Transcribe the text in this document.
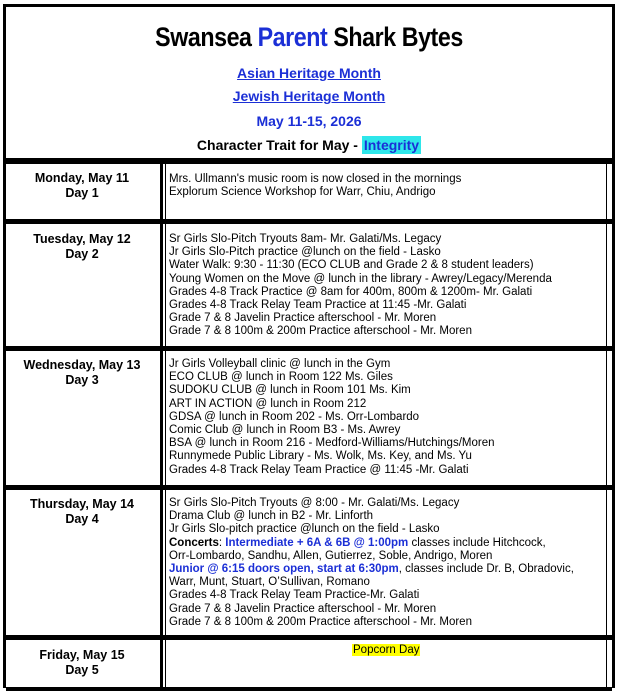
Swansea Parent Shark Bytes
Asian Heritage Month
Jewish Heritage Month
May 11-15, 2026
Character Trait for May - Integrity
Monday, May 11
Day 1
Mrs. Ullmann's music room is now closed in the mornings
Explorum Science Workshop for Warr, Chiu, Andrigo
Tuesday, May 12
Day 2
Sr Girls Slo-Pitch Tryouts 8am- Mr. Galati/Ms. Legacy
Jr Girls Slo-Pitch practice @lunch on the field - Lasko
Water Walk: 9:30 - 11:30 (ECO CLUB and Grade 2 & 8 student leaders)
Young Women on the Move @ lunch in the library - Awrey/Legacy/Merenda
Grades 4-8 Track Practice @ 8am for 400m, 800m & 1200m- Mr. Galati
Grades 4-8 Track Relay Team Practice at 11:45 -Mr. Galati
Grade 7 & 8 Javelin Practice afterschool - Mr. Moren
Grade 7 & 8 100m & 200m Practice afterschool - Mr. Moren
Wednesday, May 13
Day 3
Jr Girls Volleyball clinic @ lunch in the Gym
ECO CLUB @ lunch in Room 122 Ms. Giles
SUDOKU CLUB @ lunch in Room 101 Ms. Kim
ART IN ACTION @ lunch in Room 212
GDSA @ lunch in Room 202 - Ms. Orr-Lombardo
Comic Club @ lunch in Room B3 - Ms. Awrey
BSA @ lunch in Room 216 - Medford-Williams/Hutchings/Moren
Runnymede Public Library - Ms. Wolk, Ms. Key, and Ms. Yu
Grades 4-8 Track Relay Team Practice @ 11:45 -Mr. Galati
Thursday, May 14
Day 4
Sr Girls Slo-Pitch Tryouts @ 8:00 - Mr. Galati/Ms. Legacy
Drama Club @ lunch in B2 - Mr. Linforth
Jr Girls Slo-pitch practice @lunch on the field - Lasko
Concerts: Intermediate + 6A & 6B @ 1:00pm classes include Hitchcock,
Orr-Lombardo, Sandhu, Allen, Gutierrez, Soble, Andrigo, Moren
Junior @ 6:15 doors open, start at 6:30pm, classes include Dr. B, Obradovic,
Warr, Munt, Stuart, O’Sullivan, Romano
Grades 4-8 Track Relay Team Practice-Mr. Galati
Grade 7 & 8 Javelin Practice afterschool - Mr. Moren
Grade 7 & 8 100m & 200m Practice afterschool - Mr. Moren
Friday, May 15
Day 5
Popcorn Day
